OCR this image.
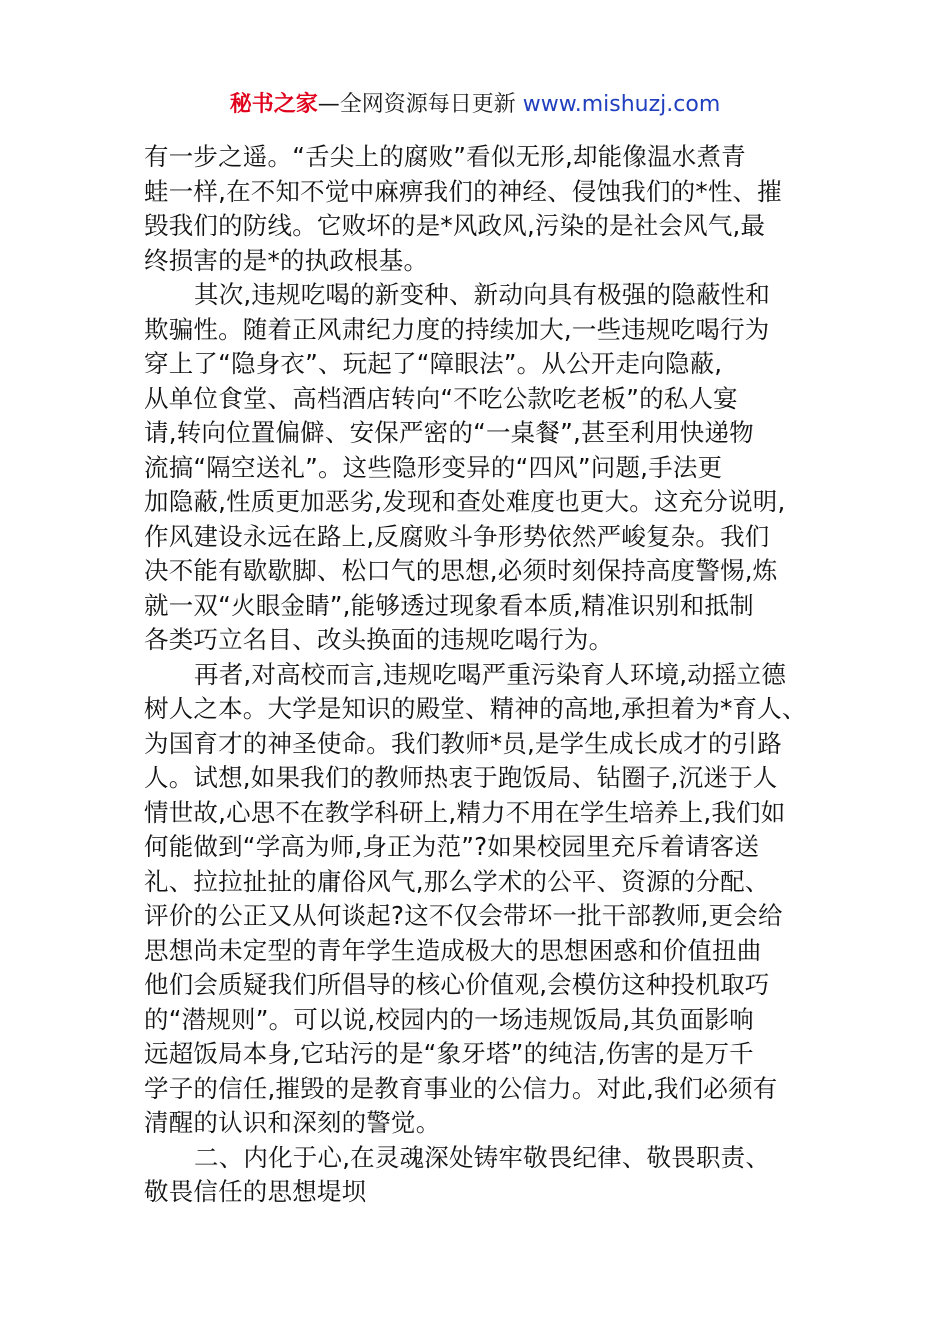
秘书之家—全网资源每日更新 www.mishuzj.com
有一步之遥。“舌尖上的腐败”看似无形,却能像温水煮青
蛙一样,在不知不觉中麻痹我们的神经、侵蚀我们的*性、摧
毁我们的防线。它败坏的是*风政风,污染的是社会风气,最
终损害的是*的执政根基。
其次,违规吃喝的新变种、新动向具有极强的隐蔽性和
欺骗性。随着正风肃纪力度的持续加大,一些违规吃喝行为
穿上了“隐身衣”、玩起了“障眼法”。从公开走向隐蔽,
从单位食堂、高档酒店转向“不吃公款吃老板”的私人宴
请,转向位置偏僻、安保严密的“一桌餐”,甚至利用快递物
流搞“隔空送礼”。这些隐形变异的“四风”问题,手法更
加隐蔽,性质更加恶劣,发现和查处难度也更大。这充分说明,
作风建设永远在路上,反腐败斗争形势依然严峻复杂。我们
决不能有歇歇脚、松口气的思想,必须时刻保持高度警惕,炼
就一双“火眼金睛”,能够透过现象看本质,精准识别和抵制
各类巧立名目、改头换面的违规吃喝行为。
再者,对高校而言,违规吃喝严重污染育人环境,动摇立德
树人之本。大学是知识的殿堂、精神的高地,承担着为*育人、
为国育才的神圣使命。我们教师*员,是学生成长成才的引路
人。试想,如果我们的教师热衷于跑饭局、钻圈子,沉迷于人
情世故,心思不在教学科研上,精力不用在学生培养上,我们如
何能做到“学高为师,身正为范”?如果校园里充斥着请客送
礼、拉拉扯扯的庸俗风气,那么学术的公平、资源的分配、
评价的公正又从何谈起?这不仅会带坏一批干部教师,更会给
思想尚未定型的青年学生造成极大的思想困惑和价值扭曲
他们会质疑我们所倡导的核心价值观,会模仿这种投机取巧
的“潜规则”。可以说,校园内的一场违规饭局,其负面影响
远超饭局本身,它玷污的是“象牙塔”的纯洁,伤害的是万千
学子的信任,摧毁的是教育事业的公信力。对此,我们必须有
清醒的认识和深刻的警觉。
二、内化于心,在灵魂深处铸牢敬畏纪律、敬畏职责、
敬畏信任的思想堤坝
